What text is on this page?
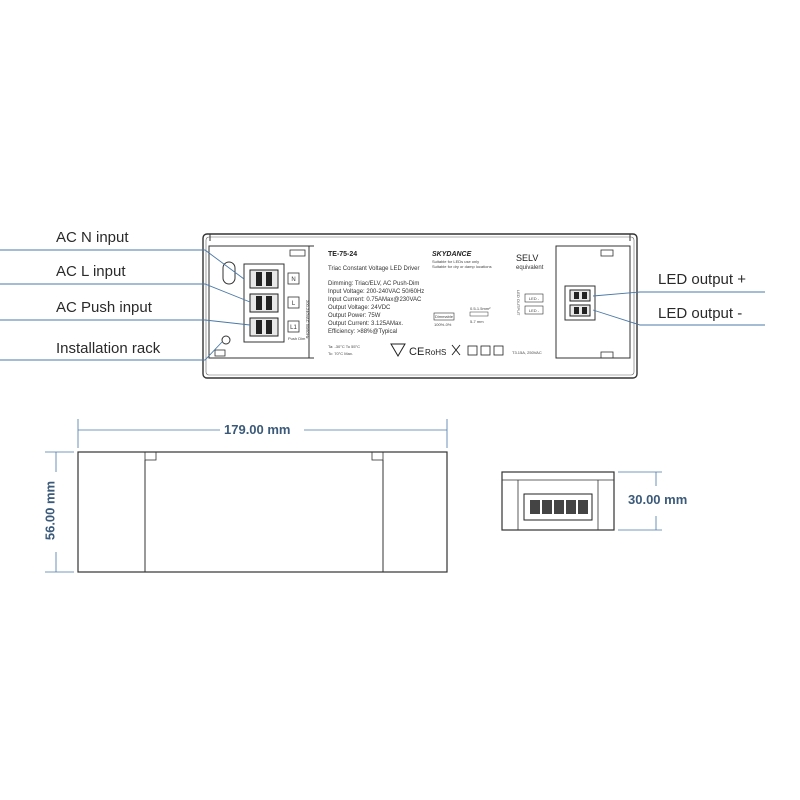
N
L
L1
Push Dim 200-240VAC 50/60Hz
LED -
LED -
LED OUTPUT
TE-75-24
Triac Constant Voltage LED Driver
SKYDANCE
Suitable for LEDs use only
Suitable for dry or damp locations
SELV
equivalent
Dimming: Triac/ELV, AC Push-Dim
Input Voltage: 200-240VAC 50/60Hz
Input Current: 0.75AMax@230VAC
Output Voltage: 24VDC
Output Power: 75W
Output Current: 3.125AMax.
Efficiency: >88%@Typical
Ta: -30°C To 55°C
Tc: 70°C Max.
Dimmable
100%-0%
0.5-1.5mm²
5-7 mm
CE RoHS	T3.15A, 250VAC
AC N input
AC L input
AC Push input
Installation rack
LED output +
LED output -
179.00 mm
56.00 mm	30.00 mm
